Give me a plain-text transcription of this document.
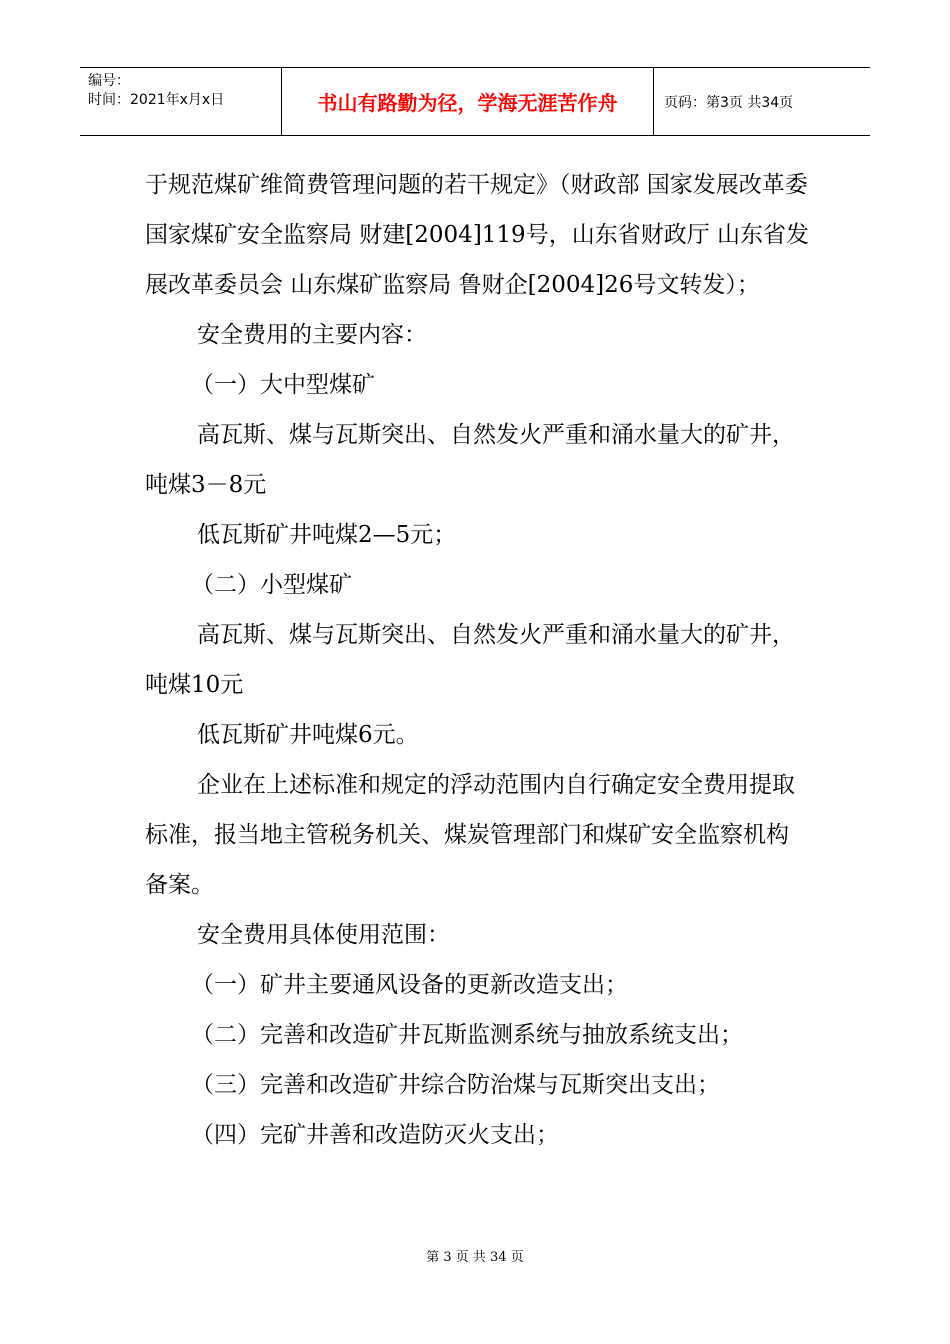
编号：
时间：2021年x月x日	书山有路勤为径，学海无涯苦作舟	页码：第3页 共34页

于规范煤矿维简费管理问题的若干规定》（财政部 国家发展改革委 国家煤矿安全监察局 财建[2004]119号，山东省财政厅 山东省发展改革委员会 山东煤矿监察局 鲁财企[2004]26号文转发）；

安全费用的主要内容：

（一）大中型煤矿

高瓦斯、煤与瓦斯突出、自然发火严重和涌水量大的矿井，吨煤3－8元

低瓦斯矿井吨煤2—5元；

（二）小型煤矿

高瓦斯、煤与瓦斯突出、自然发火严重和涌水量大的矿井，吨煤10元

低瓦斯矿井吨煤6元。

企业在上述标准和规定的浮动范围内自行确定安全费用提取标准，报当地主管税务机关、煤炭管理部门和煤矿安全监察机构备案。

安全费用具体使用范围：

（一）矿井主要通风设备的更新改造支出；

（二）完善和改造矿井瓦斯监测系统与抽放系统支出；

（三）完善和改造矿井综合防治煤与瓦斯突出支出；

（四）完矿井善和改造防灭火支出；

第 3 页 共 34 页
